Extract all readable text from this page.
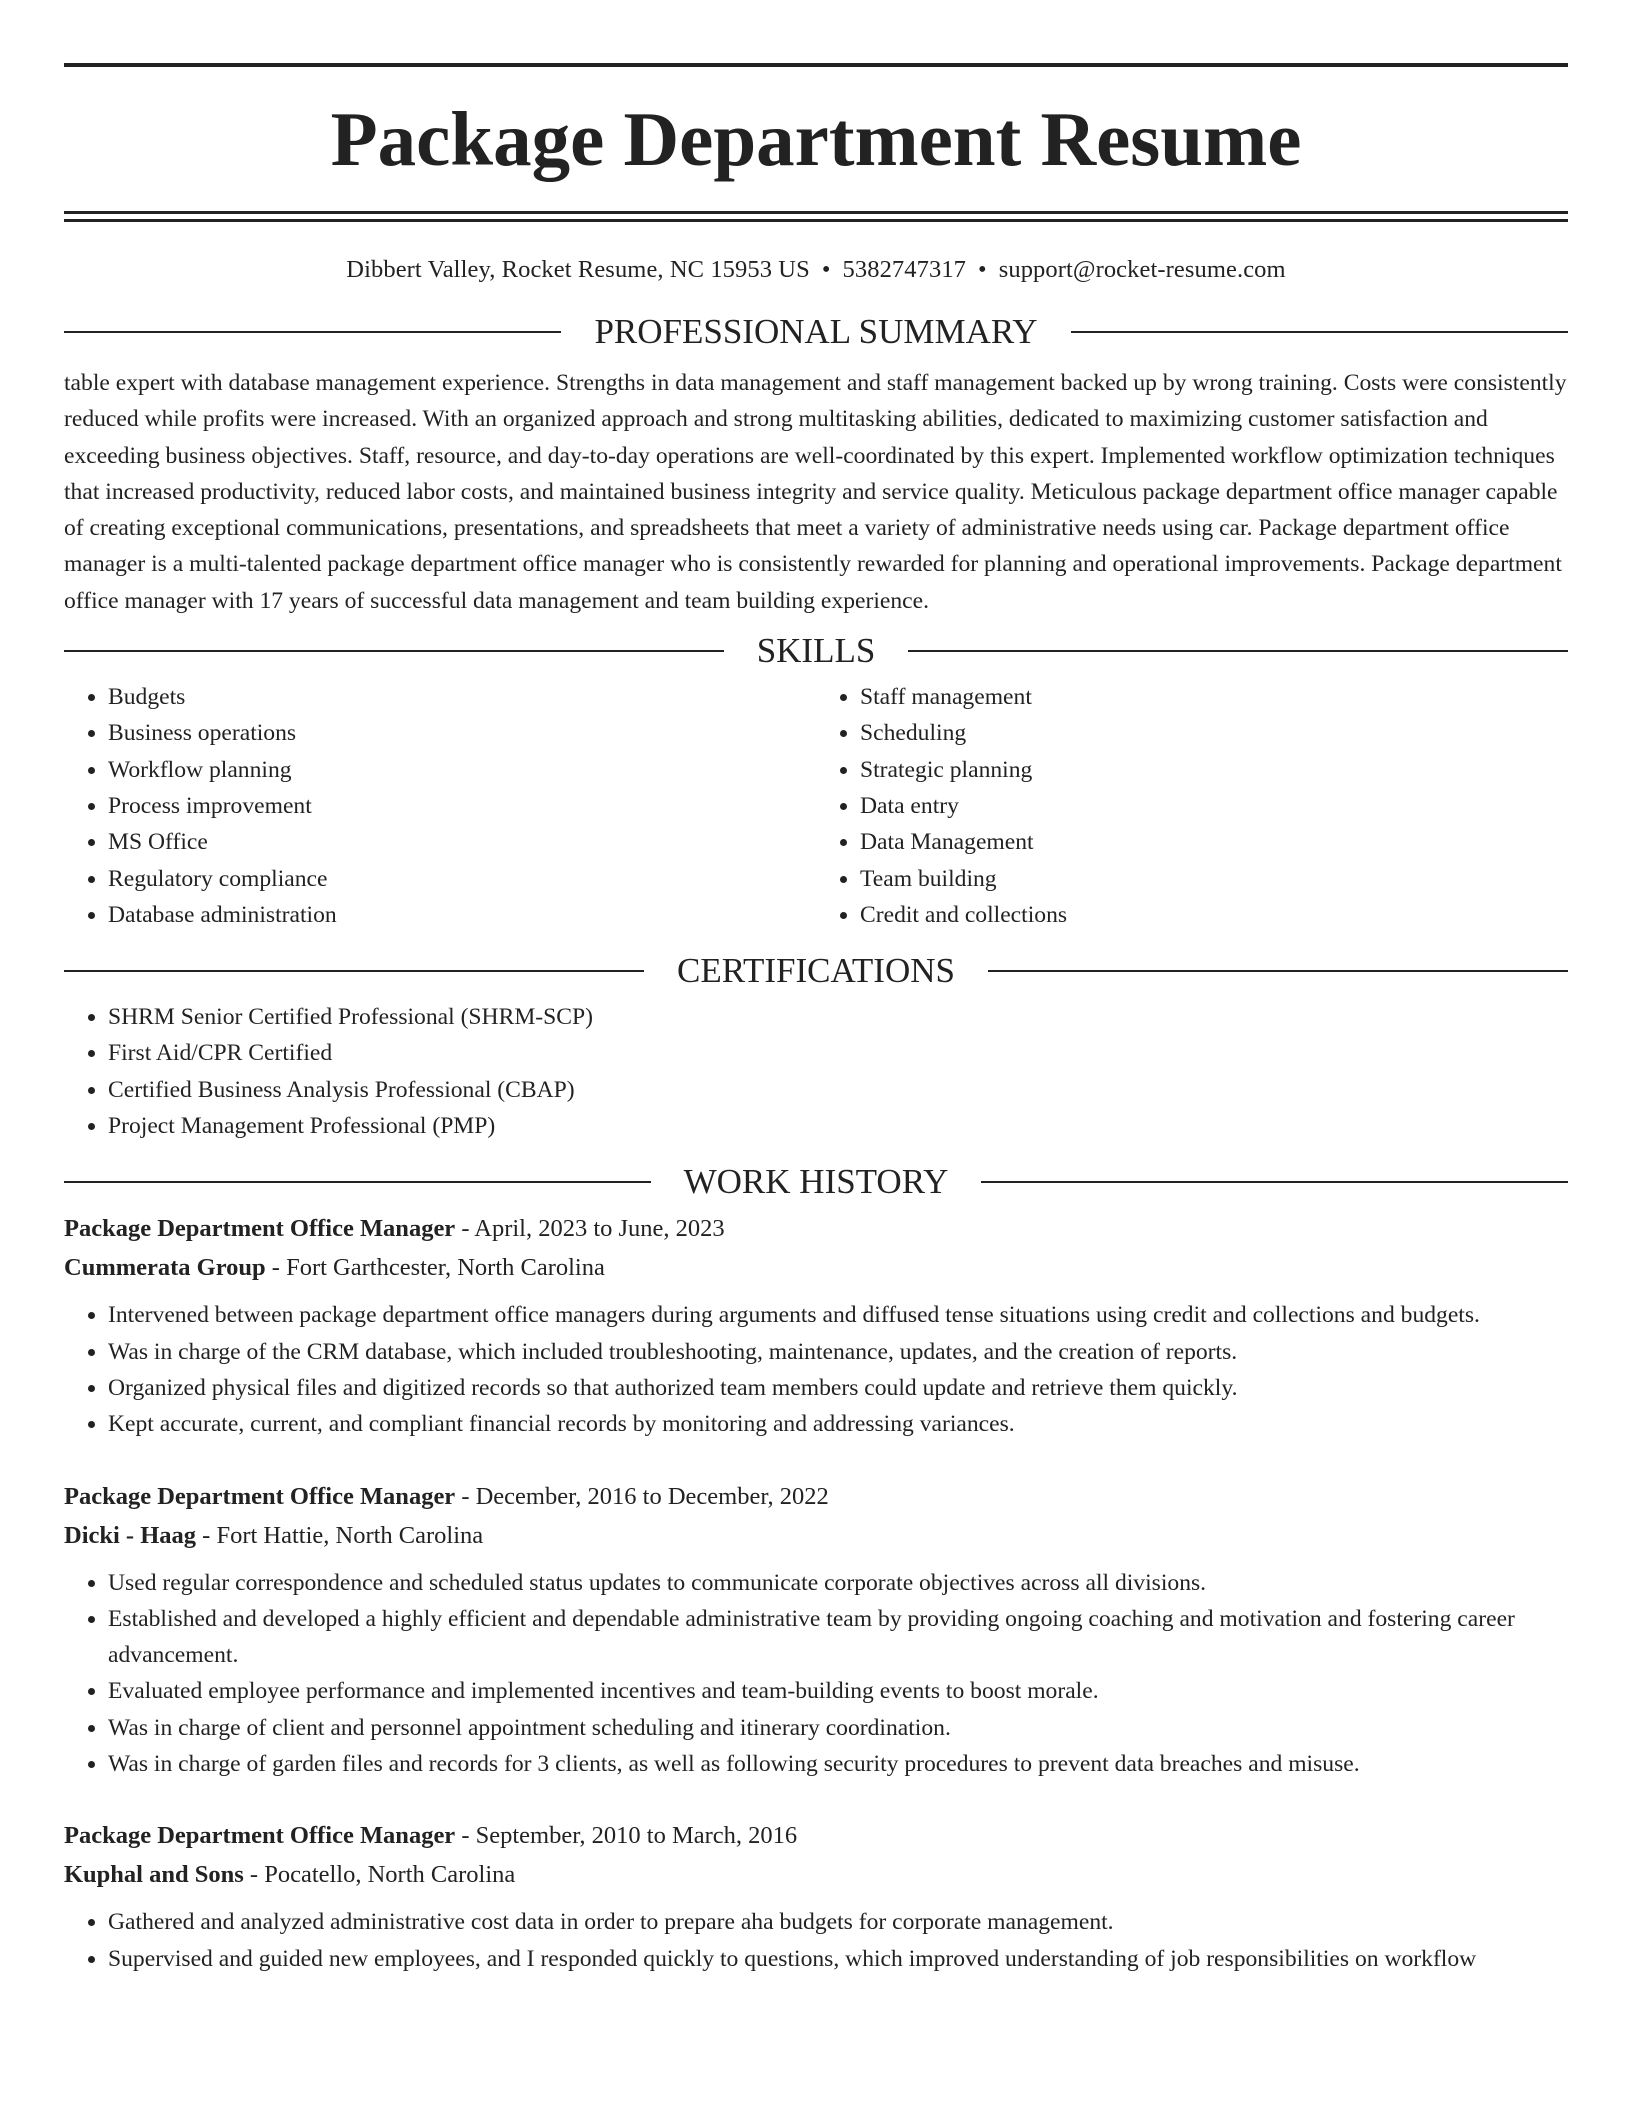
Package Department Resume
Dibbert Valley, Rocket Resume, NC 15953 US • 5382747317 • support@rocket-resume.com
PROFESSIONAL SUMMARY

table expert with database management experience. Strengths in data management and staff management backed up by wrong training. Costs were consistently reduced while profits were increased. With an organized approach and strong multitasking abilities, dedicated to maximizing customer satisfaction and exceeding business objectives. Staff, resource, and day-to-day operations are well-coordinated by this expert. Implemented workflow optimization techniques that increased productivity, reduced labor costs, and maintained business integrity and service quality. Meticulous package department office manager capable of creating exceptional communications, presentations, and spreadsheets that meet a variety of administrative needs using car. Package department office manager is a multi-talented package department office manager who is consistently rewarded for planning and operational improvements. Package department office manager with 17 years of successful data management and team building experience.

SKILLS
• Budgets
• Business operations
• Workflow planning
• Process improvement
• MS Office
• Regulatory compliance
• Database administration
• Staff management
• Scheduling
• Strategic planning
• Data entry
• Data Management
• Team building
• Credit and collections
CERTIFICATIONS
• SHRM Senior Certified Professional (SHRM-SCP)
• First Aid/CPR Certified
• Certified Business Analysis Professional (CBAP)
• Project Management Professional (PMP)
WORK HISTORY
Package Department Office Manager - April, 2023 to June, 2023
Cummerata Group - Fort Garthcester, North Carolina
• Intervened between package department office managers during arguments and diffused tense situations using credit and collections and budgets.
• Was in charge of the CRM database, which included troubleshooting, maintenance, updates, and the creation of reports.
• Organized physical files and digitized records so that authorized team members could update and retrieve them quickly.
• Kept accurate, current, and compliant financial records by monitoring and addressing variances.
Package Department Office Manager - December, 2016 to December, 2022
Dicki - Haag - Fort Hattie, North Carolina
• Used regular correspondence and scheduled status updates to communicate corporate objectives across all divisions.
• Established and developed a highly efficient and dependable administrative team by providing ongoing coaching and motivation and fostering career advancement.
• Evaluated employee performance and implemented incentives and team-building events to boost morale.
• Was in charge of client and personnel appointment scheduling and itinerary coordination.
• Was in charge of garden files and records for 3 clients, as well as following security procedures to prevent data breaches and misuse.
Package Department Office Manager - September, 2010 to March, 2016
Kuphal and Sons - Pocatello, North Carolina
• Gathered and analyzed administrative cost data in order to prepare aha budgets for corporate management.
• Supervised and guided new employees, and I responded quickly to questions, which improved understanding of job responsibilities on workflow
